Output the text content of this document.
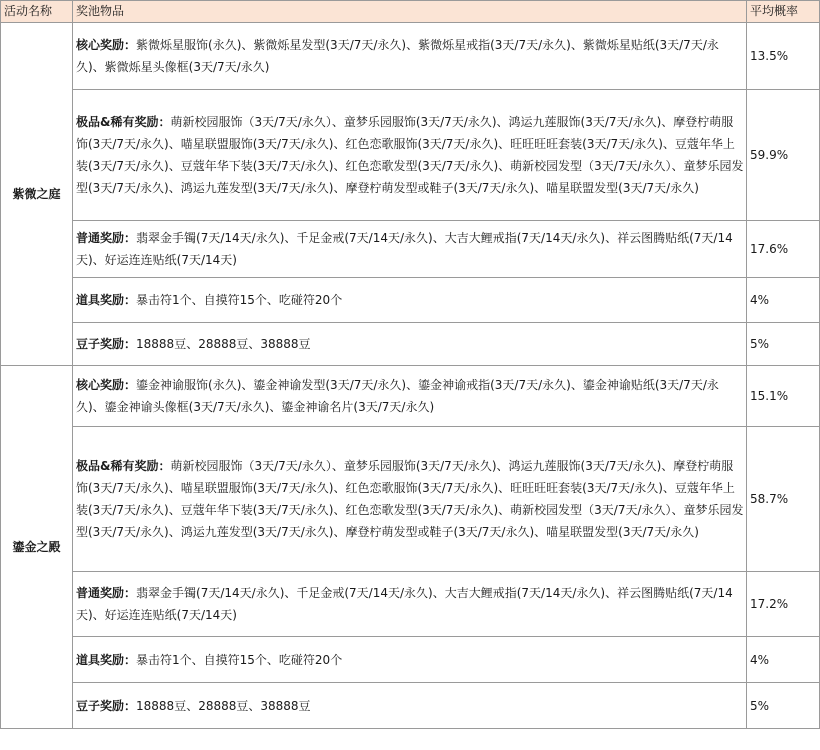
活动名称	奖池物品	平均概率
紫微之庭	核心奖励：紫微烁星服饰(永久)、紫微烁星发型(3天/7天/永久)、紫微烁星戒指(3天/7天/永久)、紫微烁星贴纸(3天/7天/永久)、紫微烁星头像框(3天/7天/永久)	13.5%
	极品&稀有奖励：萌新校园服饰（3天/7天/永久）、童梦乐园服饰(3天/7天/永久)、鸿运九莲服饰(3天/7天/永久)、摩登柠萌服饰(3天/7天/永久)、喵星联盟服饰(3天/7天/永久)、红色恋歌服饰(3天/7天/永久)、旺旺旺旺套装(3天/7天/永久)、豆蔻年华上装(3天/7天/永久)、豆蔻年华下装(3天/7天/永久)、红色恋歌发型(3天/7天/永久)、萌新校园发型（3天/7天/永久）、童梦乐园发型(3天/7天/永久)、鸿运九莲发型(3天/7天/永久)、摩登柠萌发型或鞋子(3天/7天/永久)、喵星联盟发型(3天/7天/永久)	59.9%
	普通奖励：翡翠金手镯(7天/14天/永久)、千足金戒(7天/14天/永久)、大吉大鲤戒指(7天/14天/永久)、祥云图腾贴纸(7天/14天)、好运连连贴纸(7天/14天)	17.6%
	道具奖励：暴击符1个、自摸符15个、吃碰符20个	4%
	豆子奖励：18888豆、28888豆、38888豆	5%
鎏金之殿	核心奖励：鎏金神谕服饰(永久)、鎏金神谕发型(3天/7天/永久)、鎏金神谕戒指(3天/7天/永久)、鎏金神谕贴纸(3天/7天/永久)、鎏金神谕头像框(3天/7天/永久)、鎏金神谕名片(3天/7天/永久)	15.1%
	极品&稀有奖励：萌新校园服饰（3天/7天/永久）、童梦乐园服饰(3天/7天/永久)、鸿运九莲服饰(3天/7天/永久)、摩登柠萌服饰(3天/7天/永久)、喵星联盟服饰(3天/7天/永久)、红色恋歌服饰(3天/7天/永久)、旺旺旺旺套装(3天/7天/永久)、豆蔻年华上装(3天/7天/永久)、豆蔻年华下装(3天/7天/永久)、红色恋歌发型(3天/7天/永久)、萌新校园发型（3天/7天/永久）、童梦乐园发型(3天/7天/永久)、鸿运九莲发型(3天/7天/永久)、摩登柠萌发型或鞋子(3天/7天/永久)、喵星联盟发型(3天/7天/永久)	58.7%
	普通奖励：翡翠金手镯(7天/14天/永久)、千足金戒(7天/14天/永久)、大吉大鲤戒指(7天/14天/永久)、祥云图腾贴纸(7天/14天)、好运连连贴纸(7天/14天)	17.2%
	道具奖励：暴击符1个、自摸符15个、吃碰符20个	4%
	豆子奖励：18888豆、28888豆、38888豆	5%
